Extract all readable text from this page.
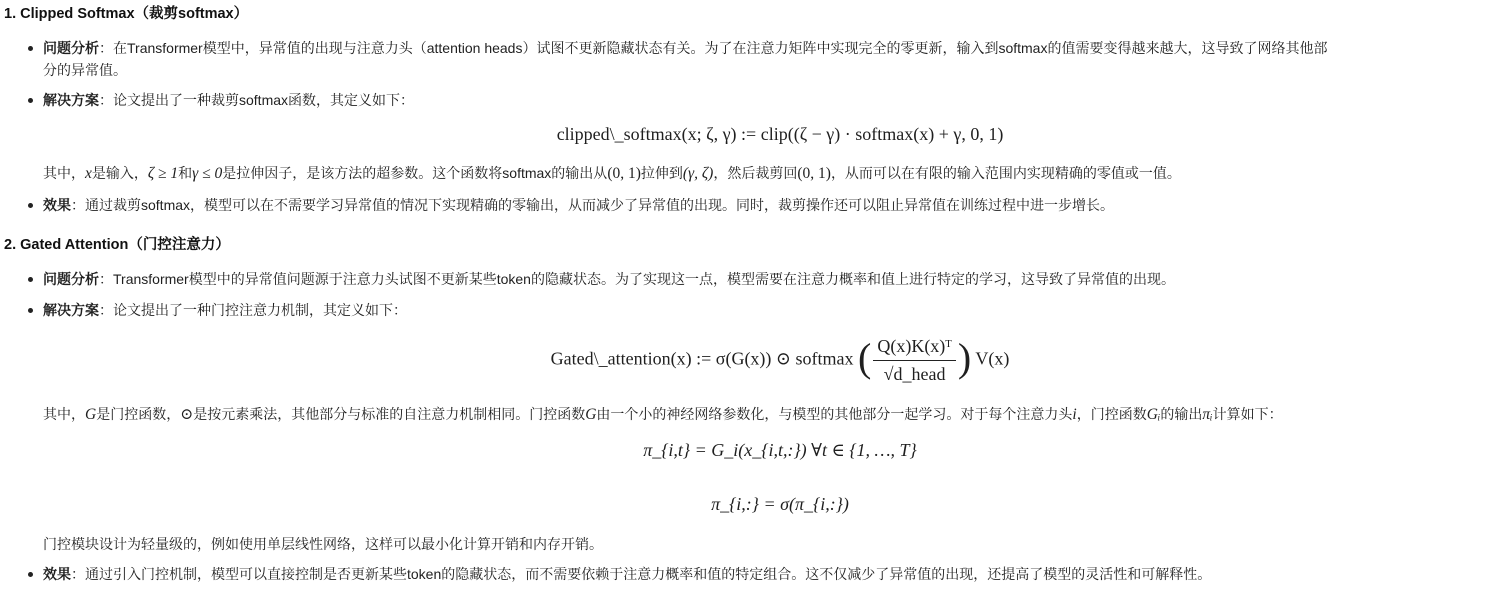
1. Clipped Softmax（裁剪softmax）
问题分析：在Transformer模型中，异常值的出现与注意力头（attention heads）试图不更新隐藏状态有关。为了在注意力矩阵中实现完全的零更新，输入到softmax的值需要变得越来越大，这导致了网络其他部
分的异常值。
解决方案：论文提出了一种裁剪softmax函数，其定义如下：
clipped\_softmax(x; ζ, γ) := clip((ζ − γ) · softmax(x) + γ, 0, 1)
其中，x是输入，ζ ≥ 1和γ ≤ 0是拉伸因子，是该方法的超参数。这个函数将softmax的输出从(0, 1)拉伸到(γ, ζ)，然后裁剪回(0, 1)，从而可以在有限的输入范围内实现精确的零值或一值。
效果：通过裁剪softmax，模型可以在不需要学习异常值的情况下实现精确的零输出，从而减少了异常值的出现。同时，裁剪操作还可以阻止异常值在训练过程中进一步增长。
2. Gated Attention（门控注意力）
问题分析：Transformer模型中的异常值问题源于注意力头试图不更新某些token的隐藏状态。为了实现这一点，模型需要在注意力概率和值上进行特定的学习，这导致了异常值的出现。
解决方案：论文提出了一种门控注意力机制，其定义如下：
Gated\_attention(x) := σ(G(x)) ⊙ softmax ( $\frac{\text{Q(x)K(x)ᵀ}}{\text{√d\_head}}$ ) V(x)
其中，G是门控函数，⊙是按元素乘法，其他部分与标准的自注意力机制相同。门控函数G由一个小的神经网络参数化，与模型的其他部分一起学习。对于每个注意力头i，门控函数Gᵢ的输出πᵢ计算如下：
π_{i,t} = G_i(x_{i,t,:}) ∀t ∈ {1, …, T}
π_{i,:} = σ(π_{i,:})
门控模块设计为轻量级的，例如使用单层线性网络，这样可以最小化计算开销和内存开销。
效果：通过引入门控机制，模型可以直接控制是否更新某些token的隐藏状态，而不需要依赖于注意力概率和值的特定组合。这不仅减少了异常值的出现，还提高了模型的灵活性和可解释性。
